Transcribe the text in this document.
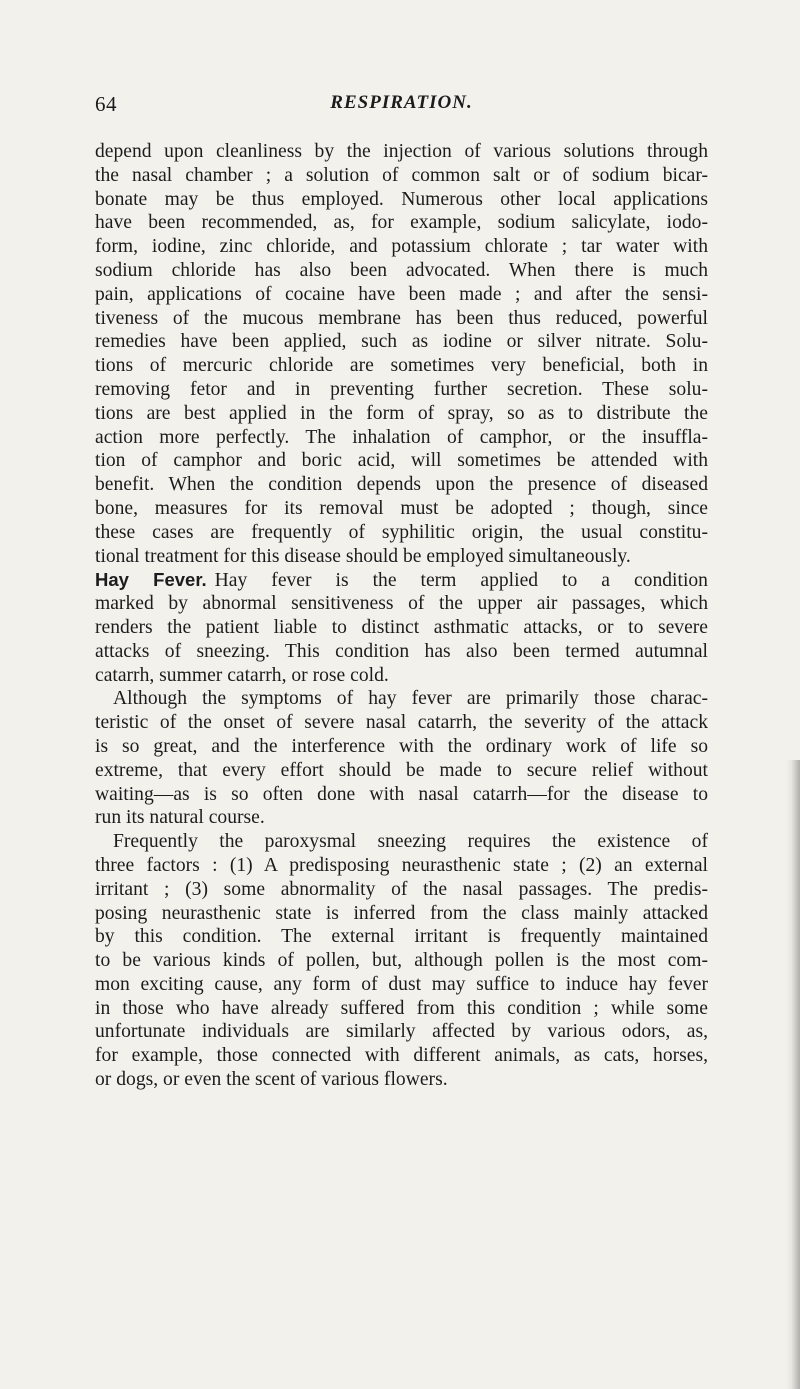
64	RESPIRATION.
depend upon cleanliness by the injection of various solutions through
the nasal chamber ; a solution of common salt or of sodium bicar-
bonate may be thus employed. Numerous other local applications
have been recommended, as, for example, sodium salicylate, iodo-
form, iodine, zinc chloride, and potassium chlorate ; tar water with
sodium chloride has also been advocated. When there is much
pain, applications of cocaine have been made ; and after the sensi-
tiveness of the mucous membrane has been thus reduced, powerful
remedies have been applied, such as iodine or silver nitrate. Solu-
tions of mercuric chloride are sometimes very beneficial, both in
removing fetor and in preventing further secretion. These solu-
tions are best applied in the form of spray, so as to distribute the
action more perfectly. The inhalation of camphor, or the insuffla-
tion of camphor and boric acid, will sometimes be attended with
benefit. When the condition depends upon the presence of diseased
bone, measures for its removal must be adopted ; though, since
these cases are frequently of syphilitic origin, the usual constitu-
tional treatment for this disease should be employed simultaneously.
Hay Fever. Hay fever is the term applied to a condition
marked by abnormal sensitiveness of the upper air passages, which
renders the patient liable to distinct asthmatic attacks, or to severe
attacks of sneezing. This condition has also been termed autumnal
catarrh, summer catarrh, or rose cold.
Although the symptoms of hay fever are primarily those charac-
teristic of the onset of severe nasal catarrh, the severity of the attack
is so great, and the interference with the ordinary work of life so
extreme, that every effort should be made to secure relief without
waiting—as is so often done with nasal catarrh—for the disease to
run its natural course.
Frequently the paroxysmal sneezing requires the existence of
three factors : (1) A predisposing neurasthenic state ; (2) an external
irritant ; (3) some abnormality of the nasal passages. The predis-
posing neurasthenic state is inferred from the class mainly attacked
by this condition. The external irritant is frequently maintained
to be various kinds of pollen, but, although pollen is the most com-
mon exciting cause, any form of dust may suffice to induce hay fever
in those who have already suffered from this condition ; while some
unfortunate individuals are similarly affected by various odors, as,
for example, those connected with different animals, as cats, horses,
or dogs, or even the scent of various flowers.
